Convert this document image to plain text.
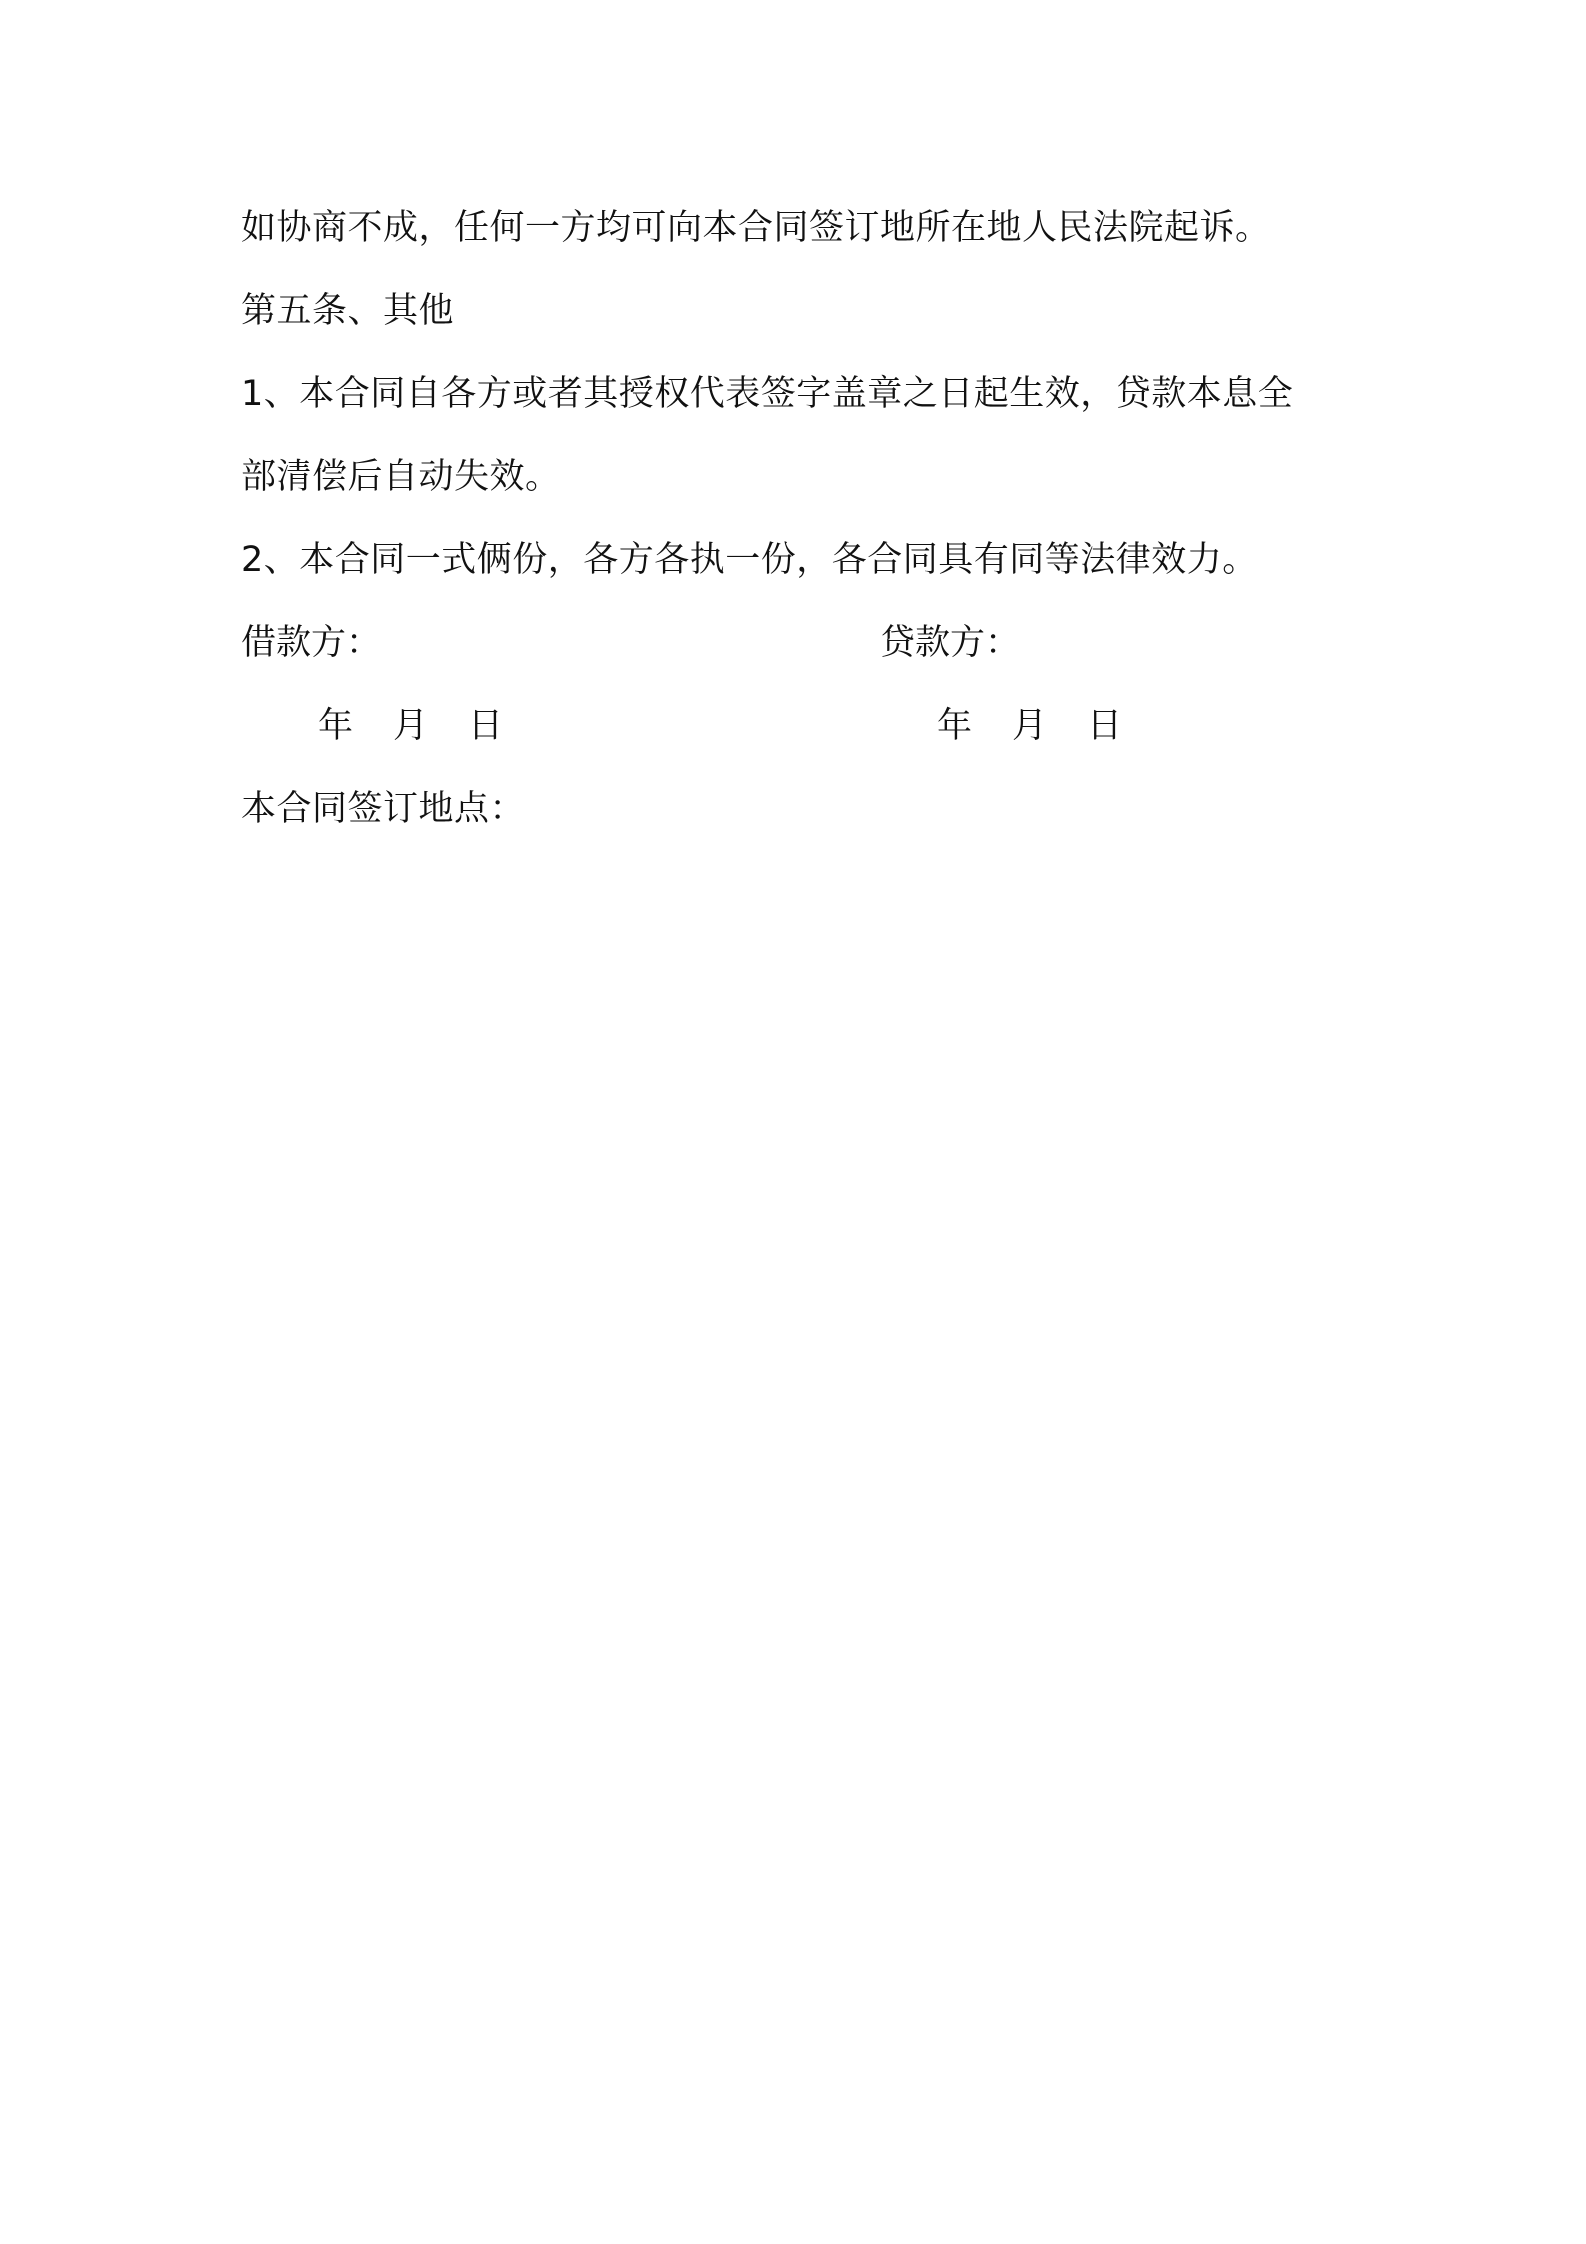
如协商不成，任何一方均可向本合同签订地所在地人民法院起诉。
第五条、其他
1、本合同自各方或者其授权代表签字盖章之日起生效，贷款本息全
部清偿后自动失效。
2、本合同一式俩份，各方各执一份，各合同具有同等法律效力。
借款方：	贷款方：
年 月 日	年 月 日
本合同签订地点：
